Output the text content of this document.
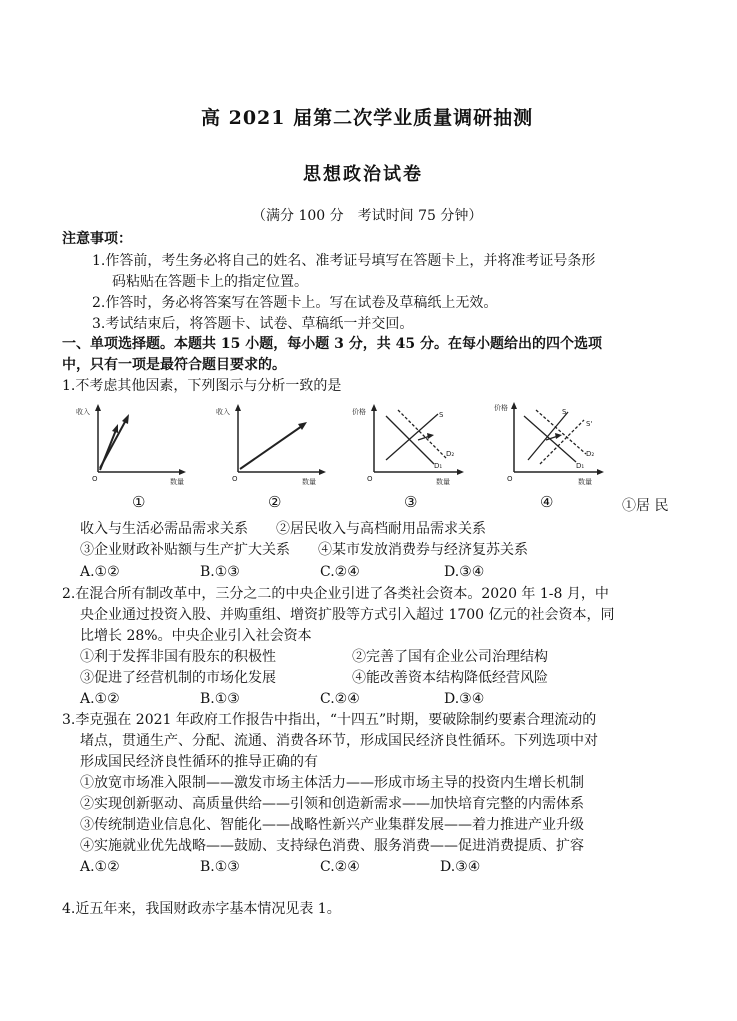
高 2021 届第二次学业质量调研抽测
思想政治试卷
（满分 100 分　考试时间 75 分钟）
注意事项：
1.作答前，考生务必将自己的姓名、准考证号填写在答题卡上，并将准考证号条形
码粘贴在答题卡上的指定位置。
2.作答时，务必将答案写在答题卡上。写在试卷及草稿纸上无效。
3.考试结束后，将答题卡、试卷、草稿纸一并交回。
一、单项选择题。本题共 15 小题，每小题 3 分，共 45 分。在每小题给出的四个选项
中，只有一项是最符合题目要求的。
1.不考虑其他因素，下列图示与分析一致的是
收入
O	数量
收入
O	数量
价格
O	数量
S
D₂
D₁
价格
O	数量
S
S'
D₂
D₁
①	②	③	④	①居 民
收入与生活必需品需求关系　　②居民收入与高档耐用品需求关系
③企业财政补贴额与生产扩大关系　　④某市发放消费券与经济复苏关系
A.①②	B.①③	C.②④	D.③④
2.在混合所有制改革中，三分之二的中央企业引进了各类社会资本。2020 年 1-8 月，中
央企业通过投资入股、并购重组、增资扩股等方式引入超过 1700 亿元的社会资本，同
比增长 28%。中央企业引入社会资本
①利于发挥非国有股东的积极性	②完善了国有企业公司治理结构
③促进了经营机制的市场化发展	④能改善资本结构降低经营风险
A.①②	B.①③	C.②④	D.③④
3.李克强在 2021 年政府工作报告中指出，“十四五”时期，要破除制约要素合理流动的
堵点，贯通生产、分配、流通、消费各环节，形成国民经济良性循环。下列选项中对
形成国民经济良性循环的推导正确的有
①放宽市场准入限制——激发市场主体活力——形成市场主导的投资内生增长机制
②实现创新驱动、高质量供给——引领和创造新需求——加快培育完整的内需体系
③传统制造业信息化、智能化——战略性新兴产业集群发展——着力推进产业升级
④实施就业优先战略——鼓励、支持绿色消费、服务消费——促进消费提质、扩容
A.①②	B.①③	C.②④	D.③④
4.近五年来，我国财政赤字基本情况见表 1。
